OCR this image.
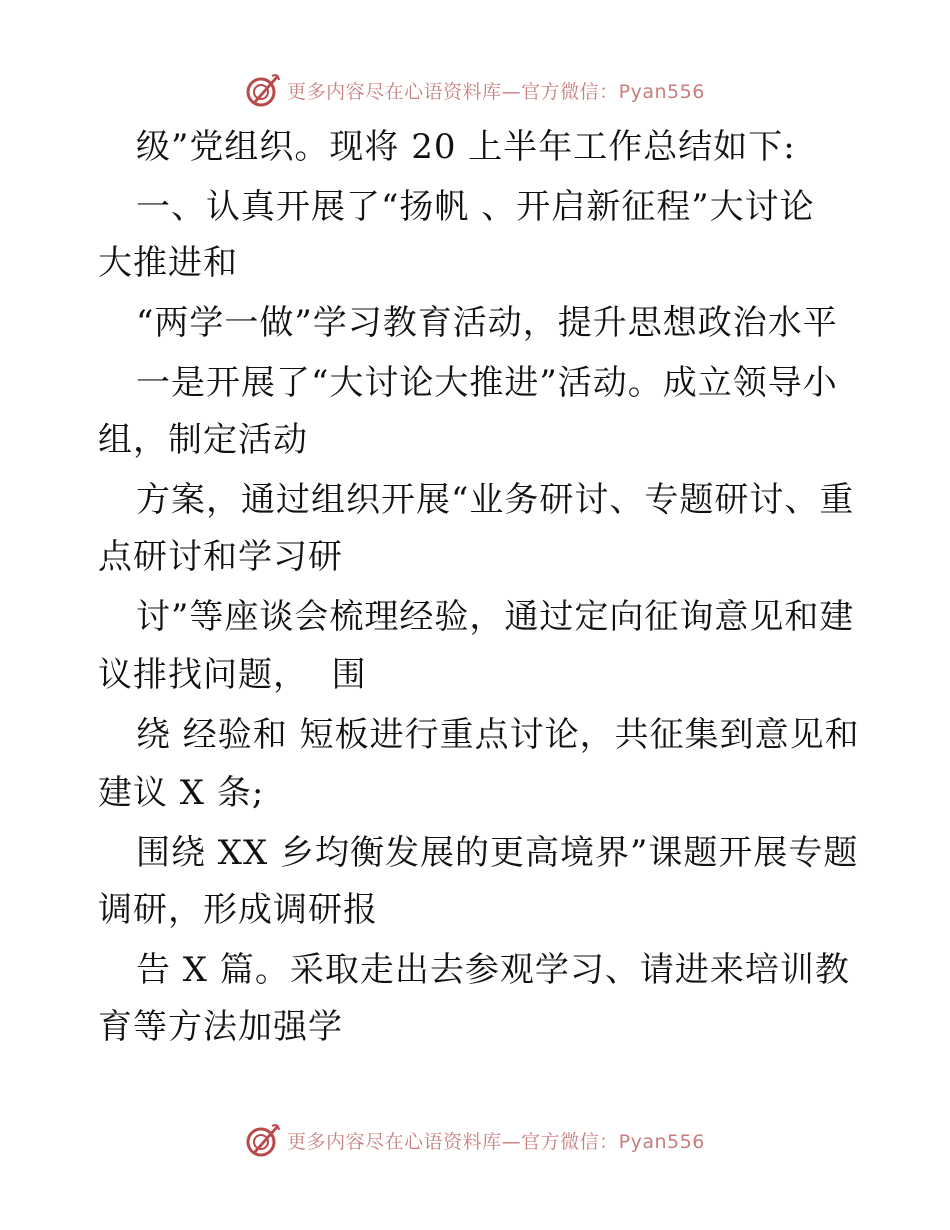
更多内容尽在心语资料库—官方微信：Pyan556
级”党组织。现将 20 上半年工作总结如下:
一、认真开展了“扬帆 、开启新征程”大讨论
大推进和
“两学一做”学习教育活动，提升思想政治水平
一是开展了“大讨论大推进”活动。成立领导小
组，制定活动
方案，通过组织开展“业务研讨、专题研讨、重
点研讨和学习研
讨”等座谈会梳理经验，通过定向征询意见和建
议排找问题，  围
绕 经验和 短板进行重点讨论，共征集到意见和
建议 X 条;
围绕 XX 乡均衡发展的更高境界”课题开展专题
调研，形成调研报
告 X 篇。采取走出去参观学习、请进来培训教
育等方法加强学
更多内容尽在心语资料库—官方微信：Pyan556
